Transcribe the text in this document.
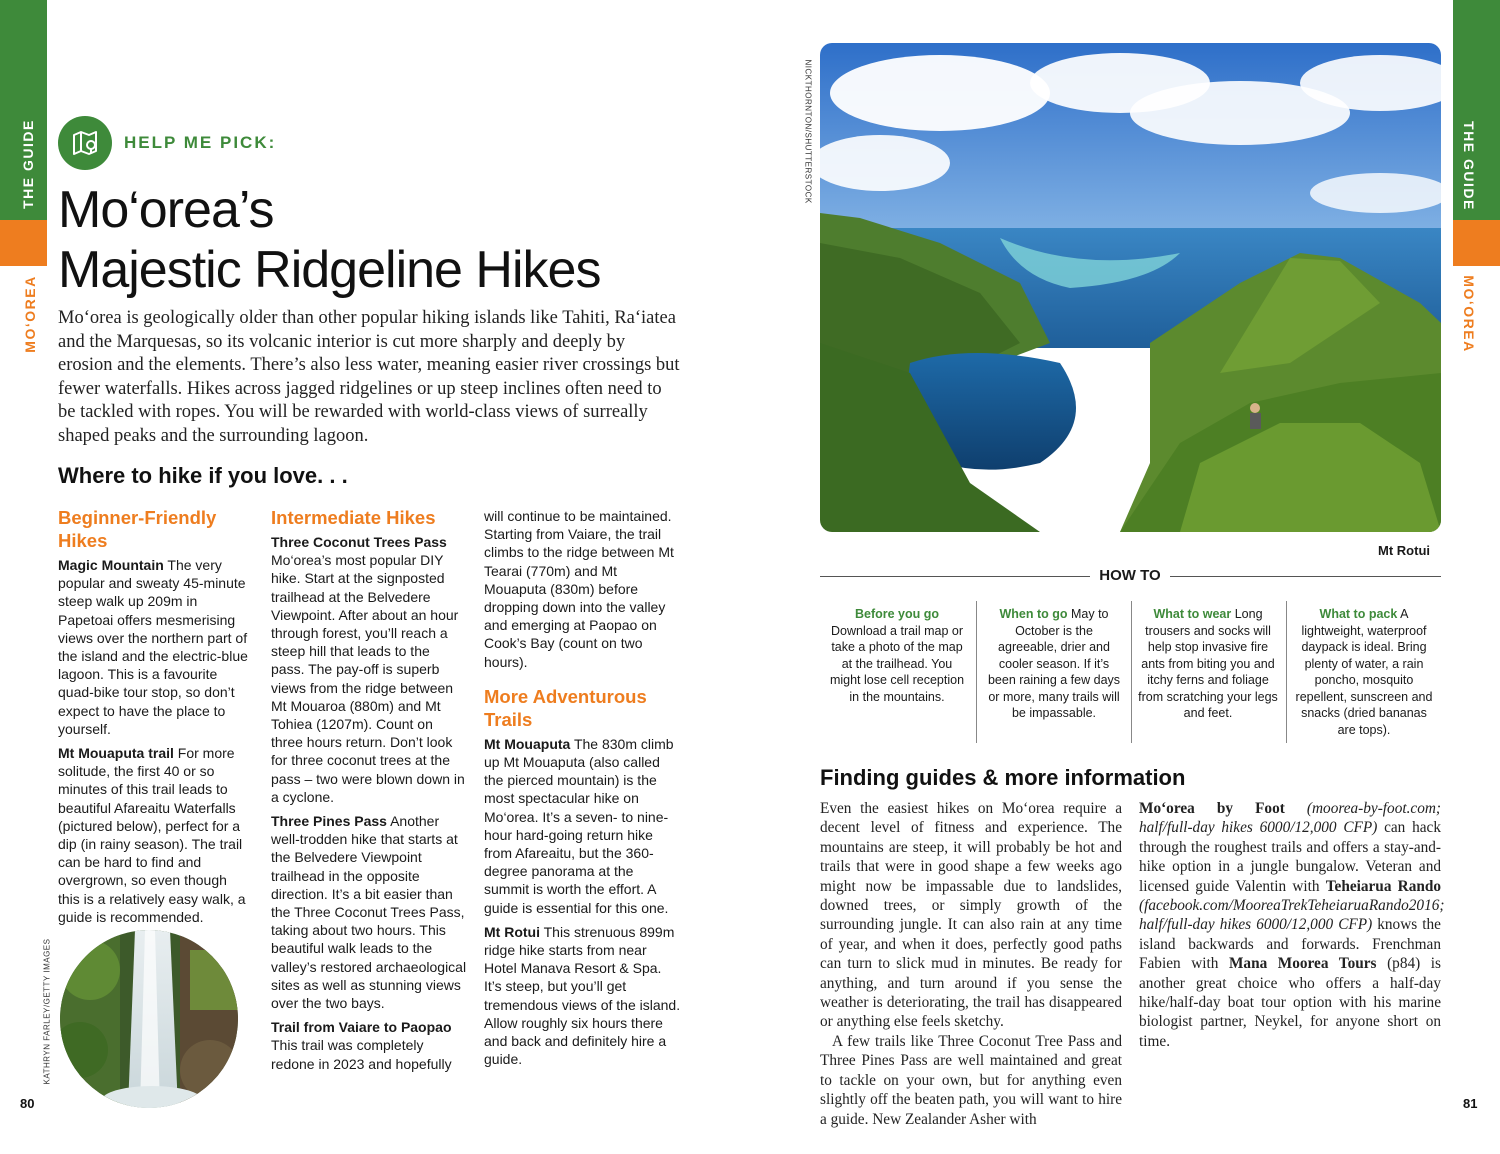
THE GUIDE
MO‘OREA
THE GUIDE
MO‘OREA
HELP ME PICK:
Mo‘orea’s
Majestic Ridgeline Hikes
Mo‘orea is geologically older than other popular hiking islands like Tahiti, Ra‘iatea and the Marquesas, so its volcanic interior is cut more sharply and deeply by erosion and the elements. There’s also less water, meaning easier river crossings but fewer waterfalls. Hikes across jagged ridgelines or up steep inclines often need to be tackled with ropes. You will be rewarded with world-class views of surreally shaped peaks and the surrounding lagoon.
Where to hike if you love. . .
Beginner-Friendly Hikes

Magic Mountain The very popular and sweaty 45-minute steep walk up 209m in Papetoai offers mesmerising views over the northern part of the island and the electric-blue lagoon. This is a favourite quad-bike tour stop, so don’t expect to have the place to yourself.

Mt Mouaputa trail For more solitude, the first 40 or so minutes of this trail leads to beautiful Afareaitu Waterfalls (pictured below), perfect for a dip (in rainy season). The trail can be hard to find and overgrown, so even though this is a relatively easy walk, a guide is recommended.

Intermediate Hikes

Three Coconut Trees Pass Mo‘orea’s most popular DIY hike. Start at the signposted trailhead at the Belvedere Viewpoint. After about an hour through forest, you’ll reach a steep hill that leads to the pass. The pay-off is superb views from the ridge between Mt Mouaroa (880m) and Mt Tohiea (1207m). Count on three hours return. Don’t look for three coconut trees at the pass – two were blown down in a cyclone.

Three Pines Pass Another well-trodden hike that starts at the Belvedere Viewpoint trailhead in the opposite direction. It’s a bit easier than the Three Coconut Trees Pass, taking about two hours. This beautiful walk leads to the valley’s restored archaeological sites as well as stunning views over the two bays.

Trail from Vaiare to Paopao This trail was completely redone in 2023 and hopefully

will continue to be maintained. Starting from Vaiare, the trail climbs to the ridge between Mt Tearai (770m) and Mt Mouaputa (830m) before dropping down into the valley and emerging at Paopao on Cook’s Bay (count on two hours).

More Adventurous Trails

Mt Mouaputa The 830m climb up Mt Mouaputa (also called the pierced mountain) is the most spectacular hike on Mo‘orea. It’s a seven- to nine-hour hard-going return hike from Afareaitu, but the 360-degree panorama at the summit is worth the effort. A guide is essential for this one.

Mt Rotui This strenuous 899m ridge hike starts from near Hotel Manava Resort & Spa. It’s steep, but you’ll get tremendous views of the island. Allow roughly six hours there and back and definitely hire a guide.

KATHRYN FARLEY/GETTY IMAGES
80
NICKTHORNTON/SHUTTERSTOCK
Mt Rotui
HOW TO
Before you go Download a trail map or take a photo of the map at the trailhead. You might lose cell reception in the mountains.
When to go May to October is the agreeable, drier and cooler season. If it’s been raining a few days or more, many trails will be impassable.
What to wear Long trousers and socks will help stop invasive fire ants from biting you and itchy ferns and foliage from scratching your legs and feet.
What to pack A lightweight, waterproof daypack is ideal. Bring plenty of water, a rain poncho, mosquito repellent, sunscreen and snacks (dried bananas are tops).
Finding guides & more information

Even the easiest hikes on Mo‘orea require a decent level of fitness and experience. The mountains are steep, it will probably be hot and trails that were in good shape a few weeks ago might now be impassable due to landslides, downed trees, or simply growth of the surrounding jungle. It can also rain at any time of year, and when it does, perfectly good paths can turn to slick mud in minutes. Be ready for anything, and turn around if you sense the weather is deteriorating, the trail has disappeared or anything else feels sketchy.

A few trails like Three Coconut Tree Pass and Three Pines Pass are well maintained and great to tackle on your own, but for anything even slightly off the beaten path, you will want to hire a guide. New Zealander Asher with

Mo‘orea by Foot (moorea-by-foot.com; half/full-day hikes 6000/12,000 CFP) can hack through the roughest trails and offers a stay-and-hike option in a jungle bungalow. Veteran and licensed guide Valentin with Teheiarua Rando (facebook.com/MooreaTrekTeheiaruaRando2016; half/full-day hikes 6000/12,000 CFP) knows the island backwards and forwards. Frenchman Fabien with Mana Moorea Tours (p84) is another great choice who offers a half-day hike/half-day boat tour option with his marine biologist partner, Neykel, for anyone short on time.

81
